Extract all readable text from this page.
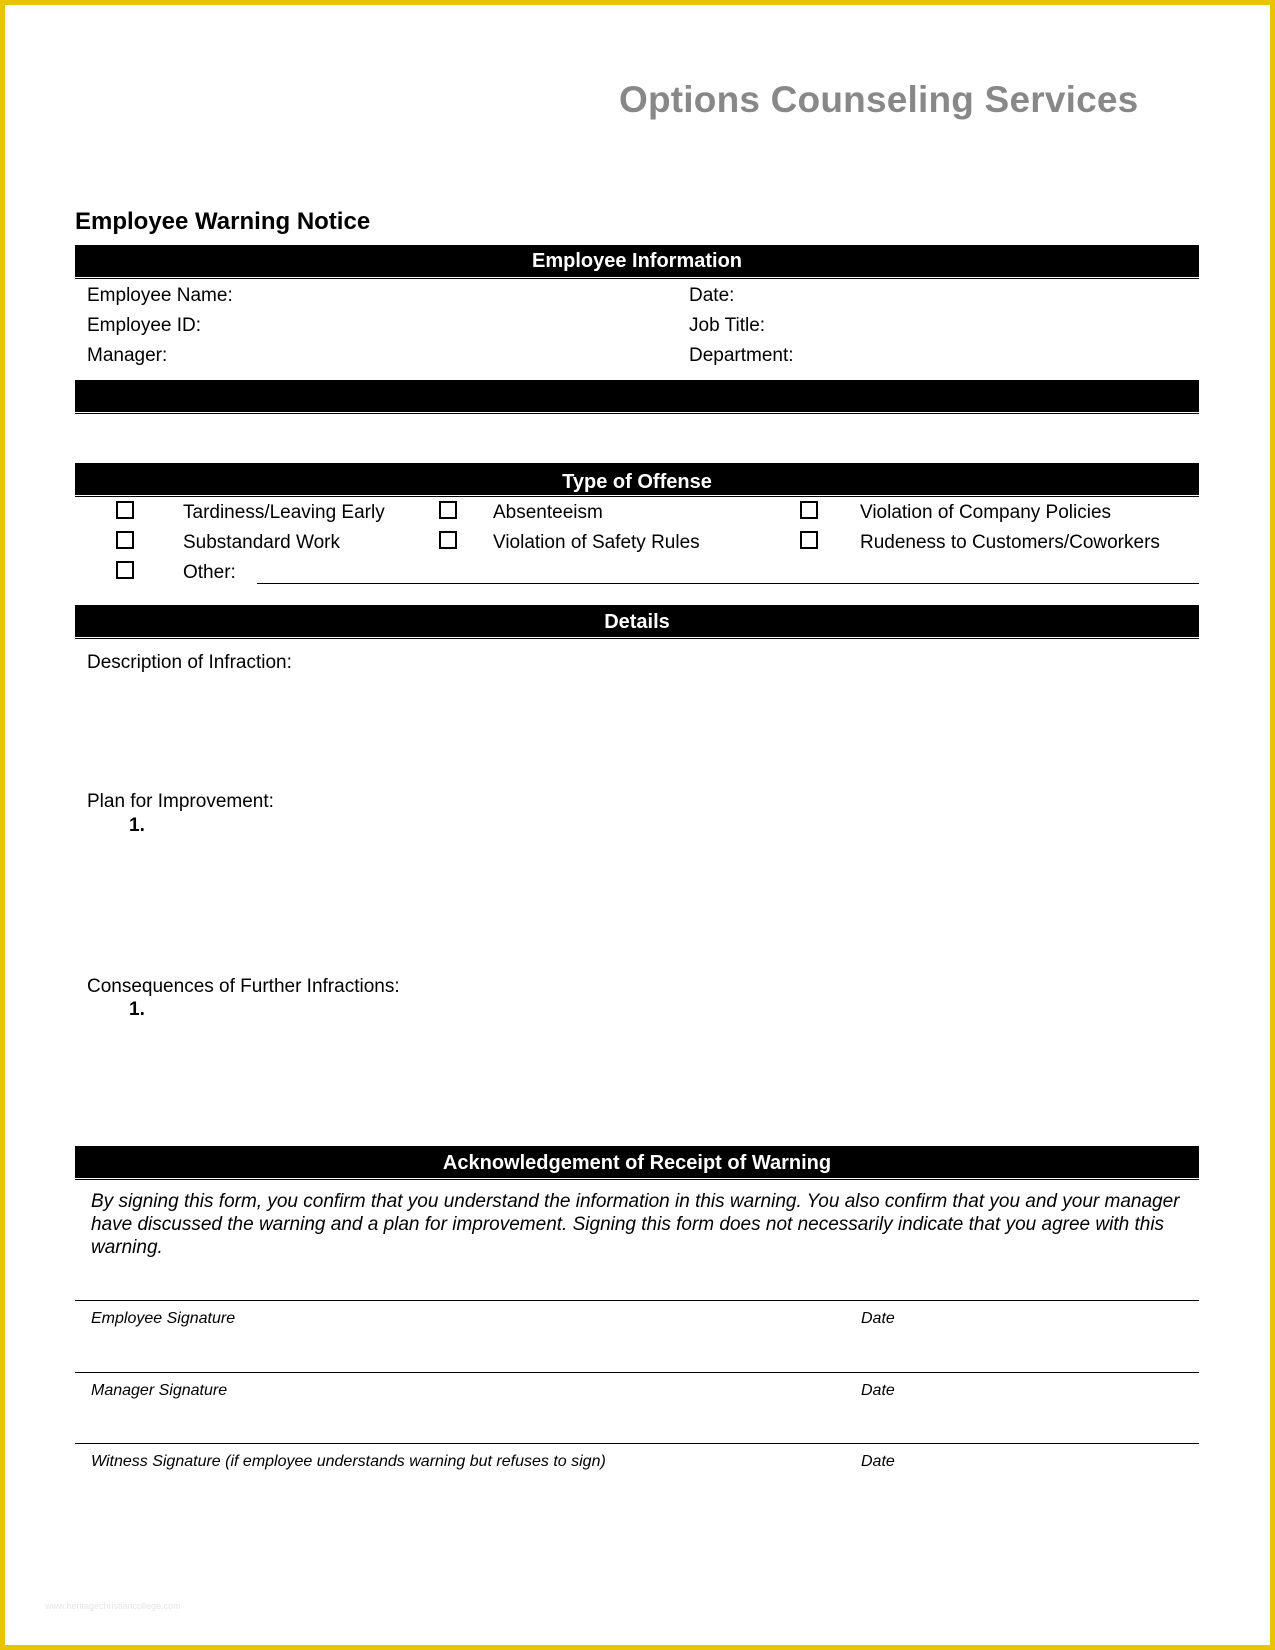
Options Counseling Services
Employee Warning Notice
Employee Information
Employee Name:	Date:
Employee ID:	Job Title:
Manager:	Department:
Type of Offense
Tardiness/Leaving Early	Absenteeism	Violation of Company Policies
Substandard Work	Violation of Safety Rules	Rudeness to Customers/Coworkers
Other:
Details
Description of Infraction:
Plan for Improvement:
1.
Consequences of Further Infractions:
1.
Acknowledgement of Receipt of Warning
By signing this form, you confirm that you understand the information in this warning. You also confirm that you and your manager have discussed the warning and a plan for improvement. Signing this form does not necessarily indicate that you agree with this warning.
Employee Signature	Date
Manager Signature	Date
Witness Signature (if employee understands warning but refuses to sign)	Date
www.heritagechristiancollege.com
